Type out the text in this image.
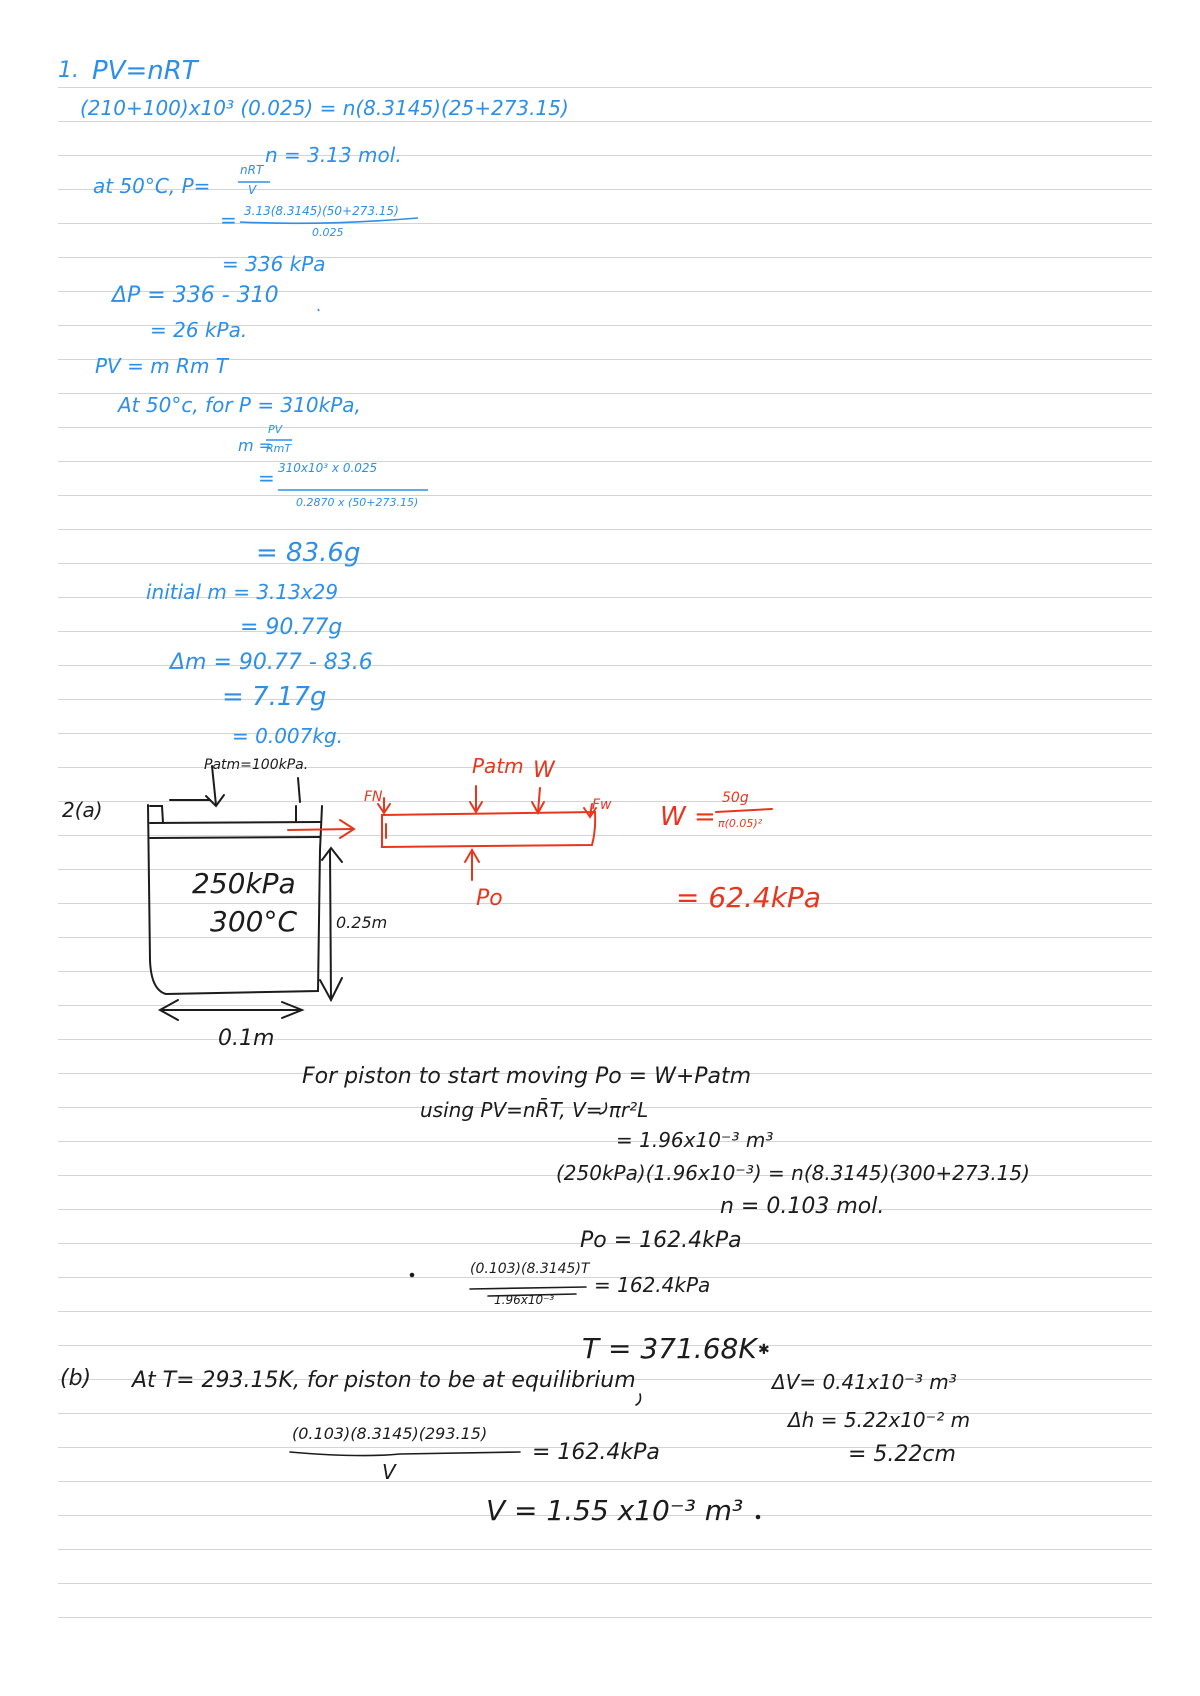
1. PV=nRT
(210+100)x10³ (0.025) = n(8.3145)(25+273.15)
n = 3.13 mol.
at 50°C, P=
nRT
V
= 3.13(8.3145)(50+273.15)
0.025
= 336 kPa
ΔP = 336 - 310
= 26 kPa.
PV = m Rm T
At 50°c, for P = 310kPa,
m =
PV
RmT
= 310x10³ x 0.025
0.2870 x (50+273.15)
= 83.6g
initial m = 3.13x29
= 90.77g
Δm = 90.77 - 83.6
= 7.17g
= 0.007kg.
2(a)
Patm=100kPa.
250kPa
300°C 0.25m
0.1m
FN
Patm W
Fw
Po
W =
50g
π(0.05)²
= 62.4kPa
For piston to start moving Po = W+Patm
using PV=nR̄T, V= πr²L
= 1.96x10⁻³ m³
(250kPa)(1.96x10⁻³) = n(8.3145)(300+273.15)
n = 0.103 mol.
Po = 162.4kPa
(0.103)(8.3145)T
1.96x10⁻³
= 162.4kPa
T = 371.68K ✱
(b) At T= 293.15K, for piston to be at equilibrium	ΔV= 0.41x10⁻³ m³
Δh = 5.22x10⁻² m
= 5.22cm
(0.103)(8.3145)(293.15)
V
= 162.4kPa
V = 1.55 x10⁻³ m³
